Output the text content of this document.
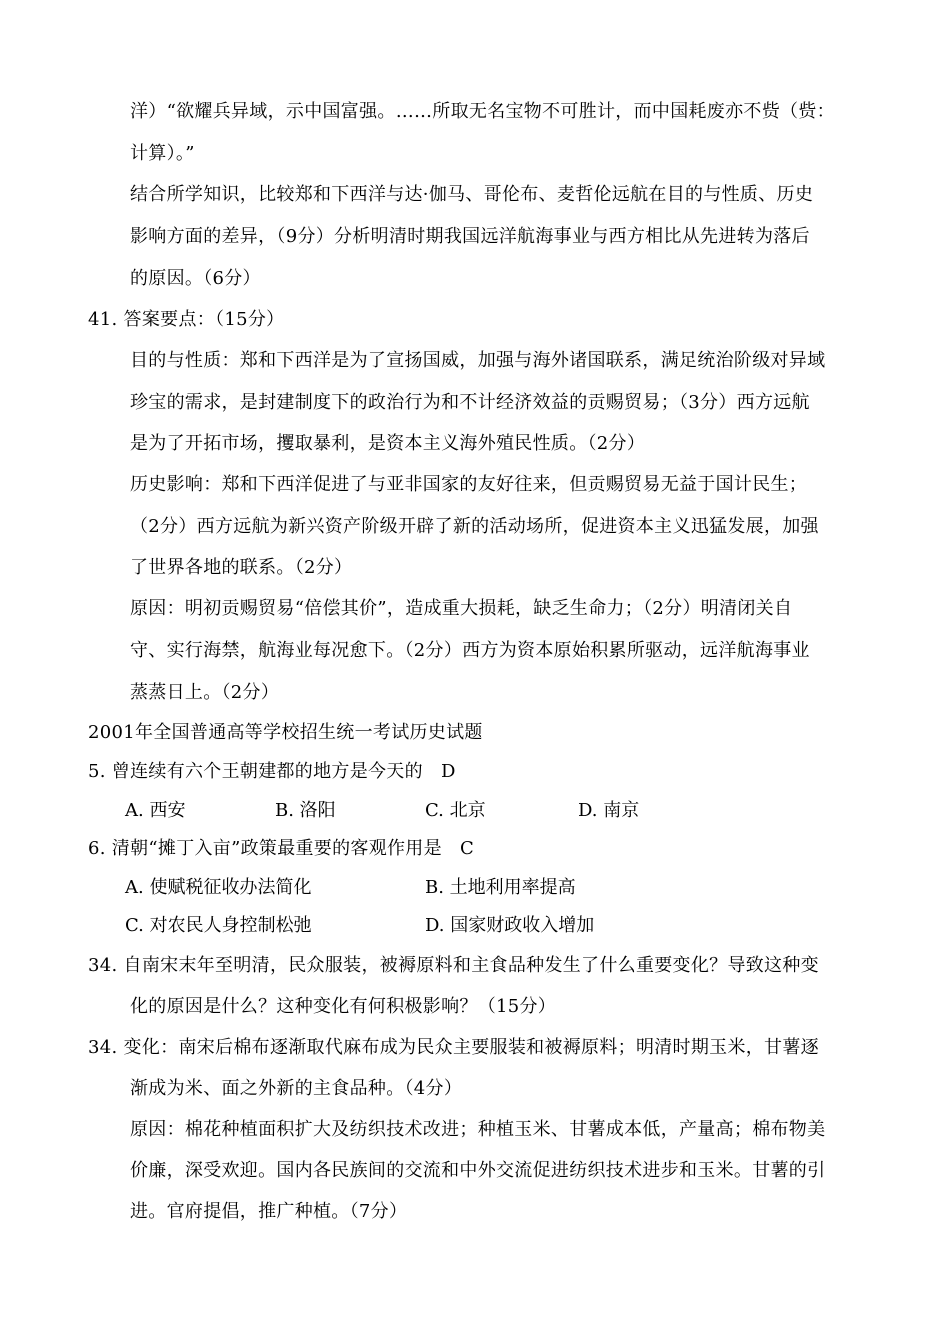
洋）“欲耀兵异域，示中国富强。……所取无名宝物不可胜计，而中国耗废亦不赀（赀：
计算）。”
结合所学知识，比较郑和下西洋与达·伽马、哥伦布、麦哲伦远航在目的与性质、历史
影响方面的差异，（9分）分析明清时期我国远洋航海事业与西方相比从先进转为落后
的原因。（6分）
41. 答案要点：（15分）
目的与性质：郑和下西洋是为了宣扬国威，加强与海外诸国联系，满足统治阶级对异域
珍宝的需求，是封建制度下的政治行为和不计经济效益的贡赐贸易；（3分）西方远航
是为了开拓市场，攫取暴利，是资本主义海外殖民性质。（2分）
历史影响：郑和下西洋促进了与亚非国家的友好往来，但贡赐贸易无益于国计民生；
（2分）西方远航为新兴资产阶级开辟了新的活动场所，促进资本主义迅猛发展，加强
了世界各地的联系。（2分）
原因：明初贡赐贸易“倍偿其价”，造成重大损耗，缺乏生命力；（2分）明清闭关自
守、实行海禁，航海业每况愈下。（2分）西方为资本原始积累所驱动，远洋航海事业
蒸蒸日上。（2分）
2001年全国普通高等学校招生统一考试历史试题
5. 曾连续有六个王朝建都的地方是今天的   D
A. 西安	B. 洛阳	C. 北京	D. 南京
6. 清朝“摊丁入亩”政策最重要的客观作用是   C
A. 使赋税征收办法简化	B. 土地利用率提高
C. 对农民人身控制松弛	D. 国家财政收入增加
34. 自南宋末年至明清，民众服装，被褥原料和主食品种发生了什么重要变化？导致这种变
化的原因是什么？这种变化有何积极影响？（15分）
34. 变化：南宋后棉布逐渐取代麻布成为民众主要服装和被褥原料；明清时期玉米，甘薯逐
渐成为米、面之外新的主食品种。（4分）
原因：棉花种植面积扩大及纺织技术改进；种植玉米、甘薯成本低，产量高；棉布物美
价廉，深受欢迎。国内各民族间的交流和中外交流促进纺织技术进步和玉米。甘薯的引
进。官府提倡，推广种植。（7分）
